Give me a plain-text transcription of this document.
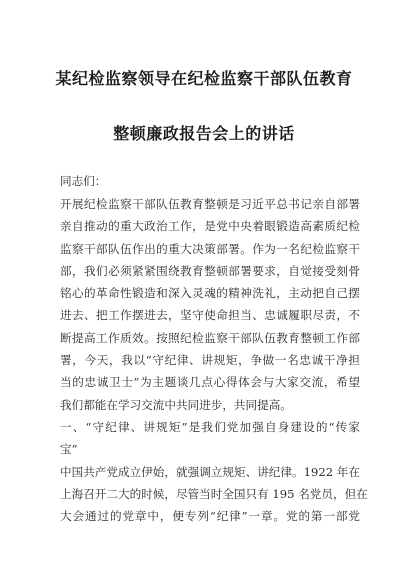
某纪检监察领导在纪检监察干部队伍教育
整顿廉政报告会上的讲话
同志们：
开展纪检监察干部队伍教育整顿是习近平总书记亲自部署
亲自推动的重大政治工作，是党中央着眼锻造高素质纪检
监察干部队伍作出的重大决策部署。作为一名纪检监察干
部，我们必须紧紧围绕教育整顿部署要求，自觉接受刻骨
铭心的革命性锻造和深入灵魂的精神洗礼，主动把自己摆
进去、把工作摆进去，坚守使命担当、忠诚履职尽责，不
断提高工作质效。按照纪检监察干部队伍教育整顿工作部
署，今天，我以“守纪律、讲规矩，争做一名忠诚干净担
当的忠诚卫士”为主题谈几点心得体会与大家交流，希望
我们都能在学习交流中共同进步，共同提高。
一、“守纪律、讲规矩”是我们党加强自身建设的“传家
宝”
中国共产党成立伊始，就强调立规矩、讲纪律。1922 年在
上海召开二大的时候，尽管当时全国只有 195 名党员，但在
大会通过的党章中，便专列“纪律”一章。党的第一部党
